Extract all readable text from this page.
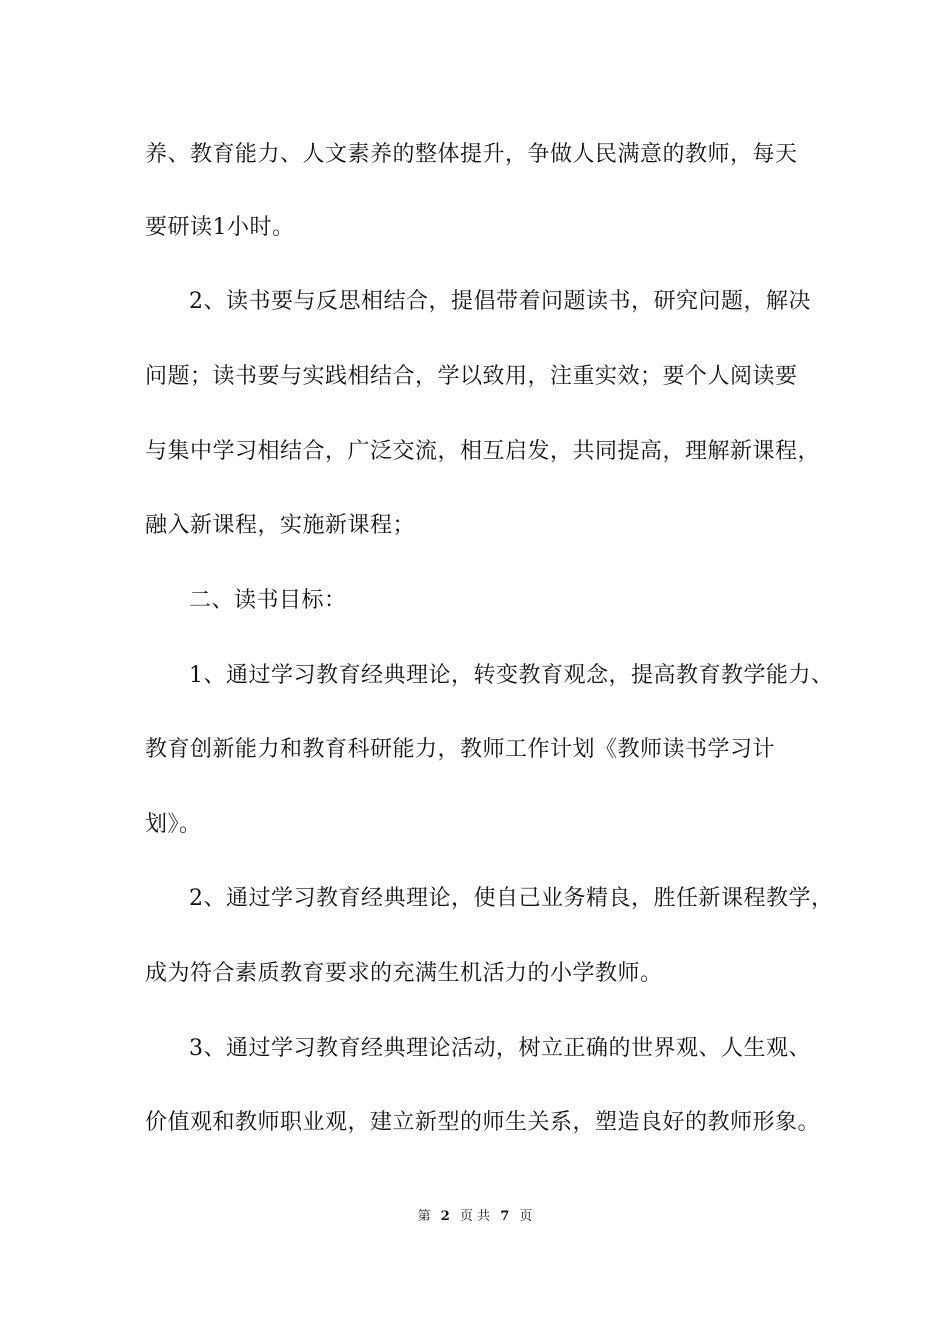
养、教育能力、人文素养的整体提升，争做人民满意的教师，每天
要研读1小时。
2、读书要与反思相结合，提倡带着问题读书，研究问题，解决
问题；读书要与实践相结合，学以致用，注重实效；要个人阅读要
与集中学习相结合，广泛交流，相互启发，共同提高，理解新课程，
融入新课程，实施新课程；
二、读书目标：
1、通过学习教育经典理论，转变教育观念，提高教育教学能力、
教育创新能力和教育科研能力，教师工作计划《教师读书学习计
划》。
2、通过学习教育经典理论，使自己业务精良，胜任新课程教学，
成为符合素质教育要求的充满生机活力的小学教师。
3、通过学习教育经典理论活动，树立正确的世界观、人生观、
价值观和教师职业观，建立新型的师生关系，塑造良好的教师形象。
第 2 页 共 7 页
